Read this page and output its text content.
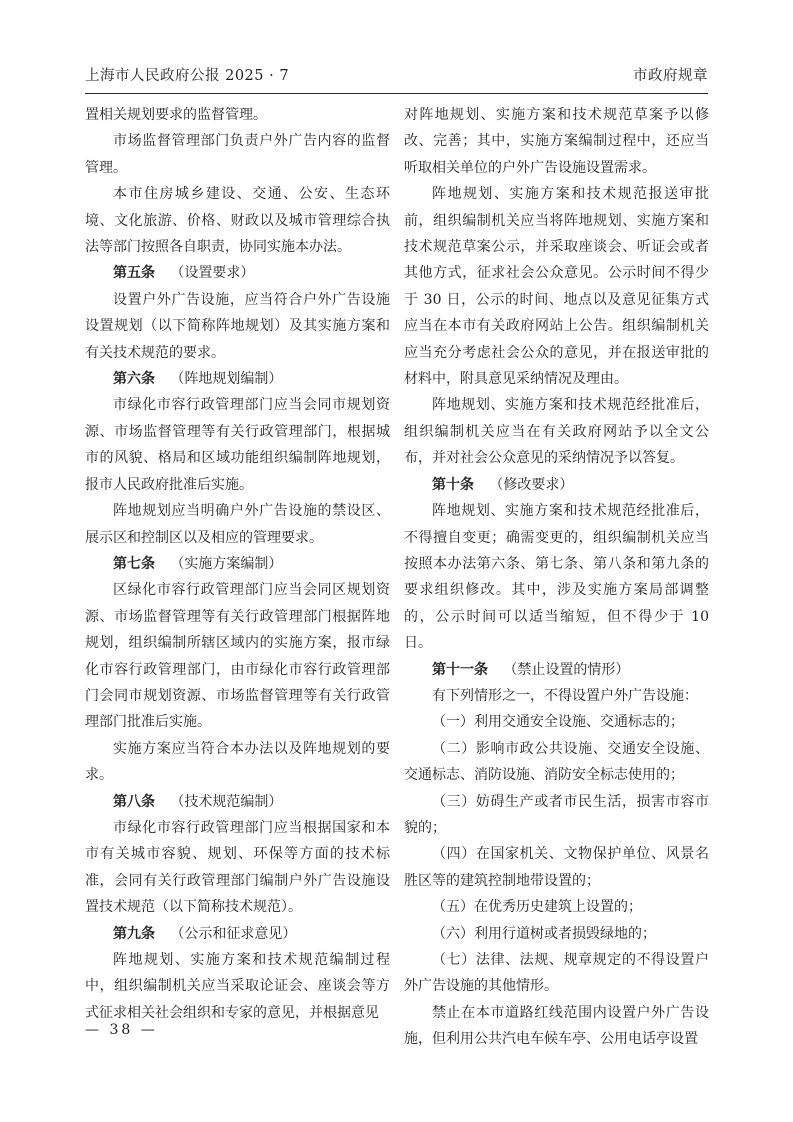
上海市人民政府公报 2025 · 7	市政府规章

置相关规划要求的监督管理。

市场监督管理部门负责户外广告内容的监督管理。

本市住房城乡建设、交通、公安、生态环境、文化旅游、价格、财政以及城市管理综合执法等部门按照各自职责，协同实施本办法。

第五条 （设置要求）

设置户外广告设施，应当符合户外广告设施设置规划（以下简称阵地规划）及其实施方案和有关技术规范的要求。

第六条 （阵地规划编制）

市绿化市容行政管理部门应当会同市规划资源、市场监督管理等有关行政管理部门，根据城市的风貌、格局和区域功能组织编制阵地规划，报市人民政府批准后实施。

阵地规划应当明确户外广告设施的禁设区、展示区和控制区以及相应的管理要求。

第七条 （实施方案编制）

区绿化市容行政管理部门应当会同区规划资源、市场监督管理等有关行政管理部门根据阵地规划，组织编制所辖区域内的实施方案，报市绿化市容行政管理部门，由市绿化市容行政管理部门会同市规划资源、市场监督管理等有关行政管理部门批准后实施。

实施方案应当符合本办法以及阵地规划的要求。

第八条 （技术规范编制）

市绿化市容行政管理部门应当根据国家和本市有关城市容貌、规划、环保等方面的技术标准，会同有关行政管理部门编制户外广告设施设置技术规范（以下简称技术规范）。

第九条 （公示和征求意见）

阵地规划、实施方案和技术规范编制过程中，组织编制机关应当采取论证会、座谈会等方式征求相关社会组织和专家的意见，并根据意见

对阵地规划、实施方案和技术规范草案予以修改、完善；其中，实施方案编制过程中，还应当听取相关单位的户外广告设施设置需求。

阵地规划、实施方案和技术规范报送审批前，组织编制机关应当将阵地规划、实施方案和技术规范草案公示，并采取座谈会、听证会或者其他方式，征求社会公众意见。公示时间不得少于 30 日，公示的时间、地点以及意见征集方式应当在本市有关政府网站上公告。组织编制机关应当充分考虑社会公众的意见，并在报送审批的材料中，附具意见采纳情况及理由。

阵地规划、实施方案和技术规范经批准后，组织编制机关应当在有关政府网站予以全文公布，并对社会公众意见的采纳情况予以答复。

第十条 （修改要求）

阵地规划、实施方案和技术规范经批准后，不得擅自变更；确需变更的，组织编制机关应当按照本办法第六条、第七条、第八条和第九条的要求组织修改。其中，涉及实施方案局部调整的，公示时间可以适当缩短，但不得少于 10 日。

第十一条 （禁止设置的情形）

有下列情形之一，不得设置户外广告设施：

（一）利用交通安全设施、交通标志的；

（二）影响市政公共设施、交通安全设施、交通标志、消防设施、消防安全标志使用的；

（三）妨碍生产或者市民生活，损害市容市貌的；

（四）在国家机关、文物保护单位、风景名胜区等的建筑控制地带设置的；

（五）在优秀历史建筑上设置的；

（六）利用行道树或者损毁绿地的；

（七）法律、法规、规章规定的不得设置户外广告设施的其他情形。

禁止在本市道路红线范围内设置户外广告设施，但利用公共汽电车候车亭、公用电话亭设置

— 38 —
